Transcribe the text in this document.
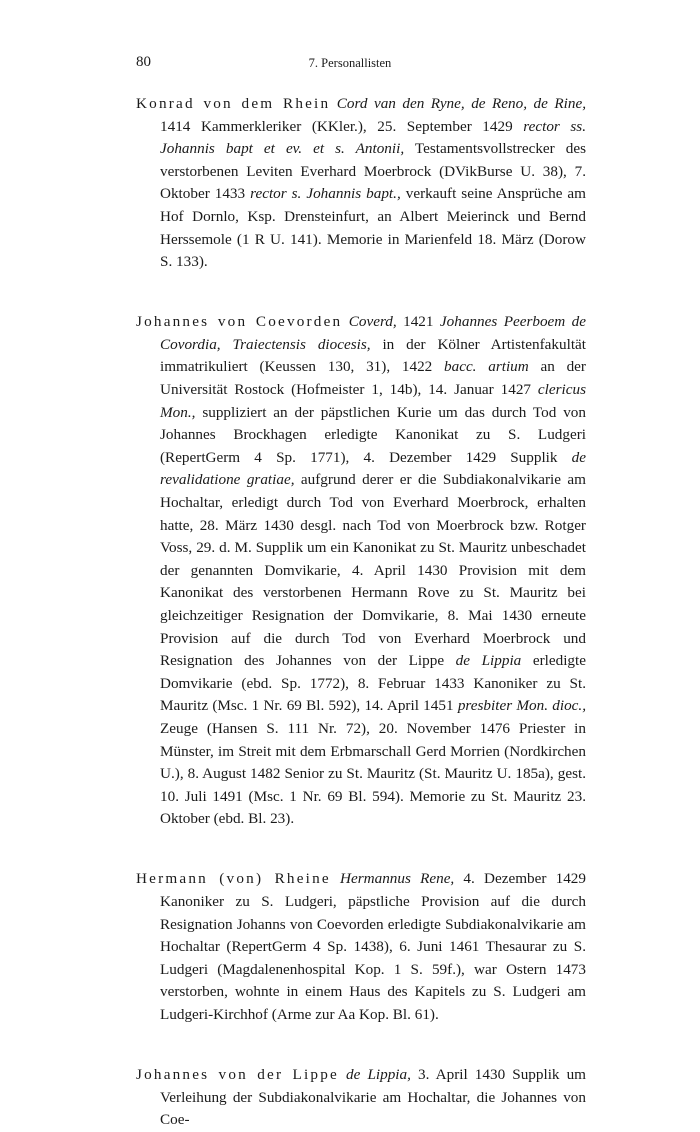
80	7. Personallisten

Konrad von dem Rhein Cord van den Ryne, de Reno, de Rine, 1414 Kammerkleriker (KKler.), 25. September 1429 rector ss. Johannis bapt et ev. et s. Antonii, Testamentsvollstrecker des verstorbenen Leviten Everhard Moerbrock (DVikBurse U. 38), 7. Oktober 1433 rector s. Johannis bapt., verkauft seine Ansprüche am Hof Dornlo, Ksp. Drensteinfurt, an Albert Meierinck und Bernd Herssemole (1 R U. 141). Memorie in Marienfeld 18. März (Dorow S. 133).

Johannes von Coevorden Coverd, 1421 Johannes Peerboem de Covordia, Traiectensis diocesis, in der Kölner Artistenfakultät immatrikuliert (Keussen 130, 31), 1422 bacc. artium an der Universität Rostock (Hofmeister 1, 14b), 14. Januar 1427 clericus Mon., suppliziert an der päpstlichen Kurie um das durch Tod von Johannes Brockhagen erledigte Kanonikat zu S. Ludgeri (RepertGerm 4 Sp. 1771), 4. Dezember 1429 Supplik de revalidatione gratiae, aufgrund derer er die Subdiakonalvikarie am Hochaltar, erledigt durch Tod von Everhard Moerbrock, erhalten hatte, 28. März 1430 desgl. nach Tod von Moerbrock bzw. Rotger Voss, 29. d. M. Supplik um ein Kanonikat zu St. Mauritz unbeschadet der genannten Domvikarie, 4. April 1430 Provision mit dem Kanonikat des verstorbenen Hermann Rove zu St. Mauritz bei gleichzeitiger Resignation der Domvikarie, 8. Mai 1430 erneute Provision auf die durch Tod von Everhard Moerbrock und Resignation des Johannes von der Lippe de Lippia erledigte Domvikarie (ebd. Sp. 1772), 8. Februar 1433 Kanoniker zu St. Mauritz (Msc. 1 Nr. 69 Bl. 592), 14. April 1451 presbiter Mon. dioc., Zeuge (Hansen S. 111 Nr. 72), 20. November 1476 Priester in Münster, im Streit mit dem Erbmarschall Gerd Morrien (Nordkirchen U.), 8. August 1482 Senior zu St. Mauritz (St. Mauritz U. 185a), gest. 10. Juli 1491 (Msc. 1 Nr. 69 Bl. 594). Memorie zu St. Mauritz 23. Oktober (ebd. Bl. 23).

Hermann (von) Rheine Hermannus Rene, 4. Dezember 1429 Kanoniker zu S. Ludgeri, päpstliche Provision auf die durch Resignation Johanns von Coevorden erledigte Subdiakonalvikarie am Hochaltar (RepertGerm 4 Sp. 1438), 6. Juni 1461 Thesaurar zu S. Ludgeri (Magdalenenhospital Kop. 1 S. 59f.), war Ostern 1473 verstorben, wohnte in einem Haus des Kapitels zu S. Ludgeri am Ludgeri-Kirchhof (Arme zur Aa Kop. Bl. 61).

Johannes von der Lippe de Lippia, 3. April 1430 Supplik um Verleihung der Subdiakonalvikarie am Hochaltar, die Johannes von Coe-
